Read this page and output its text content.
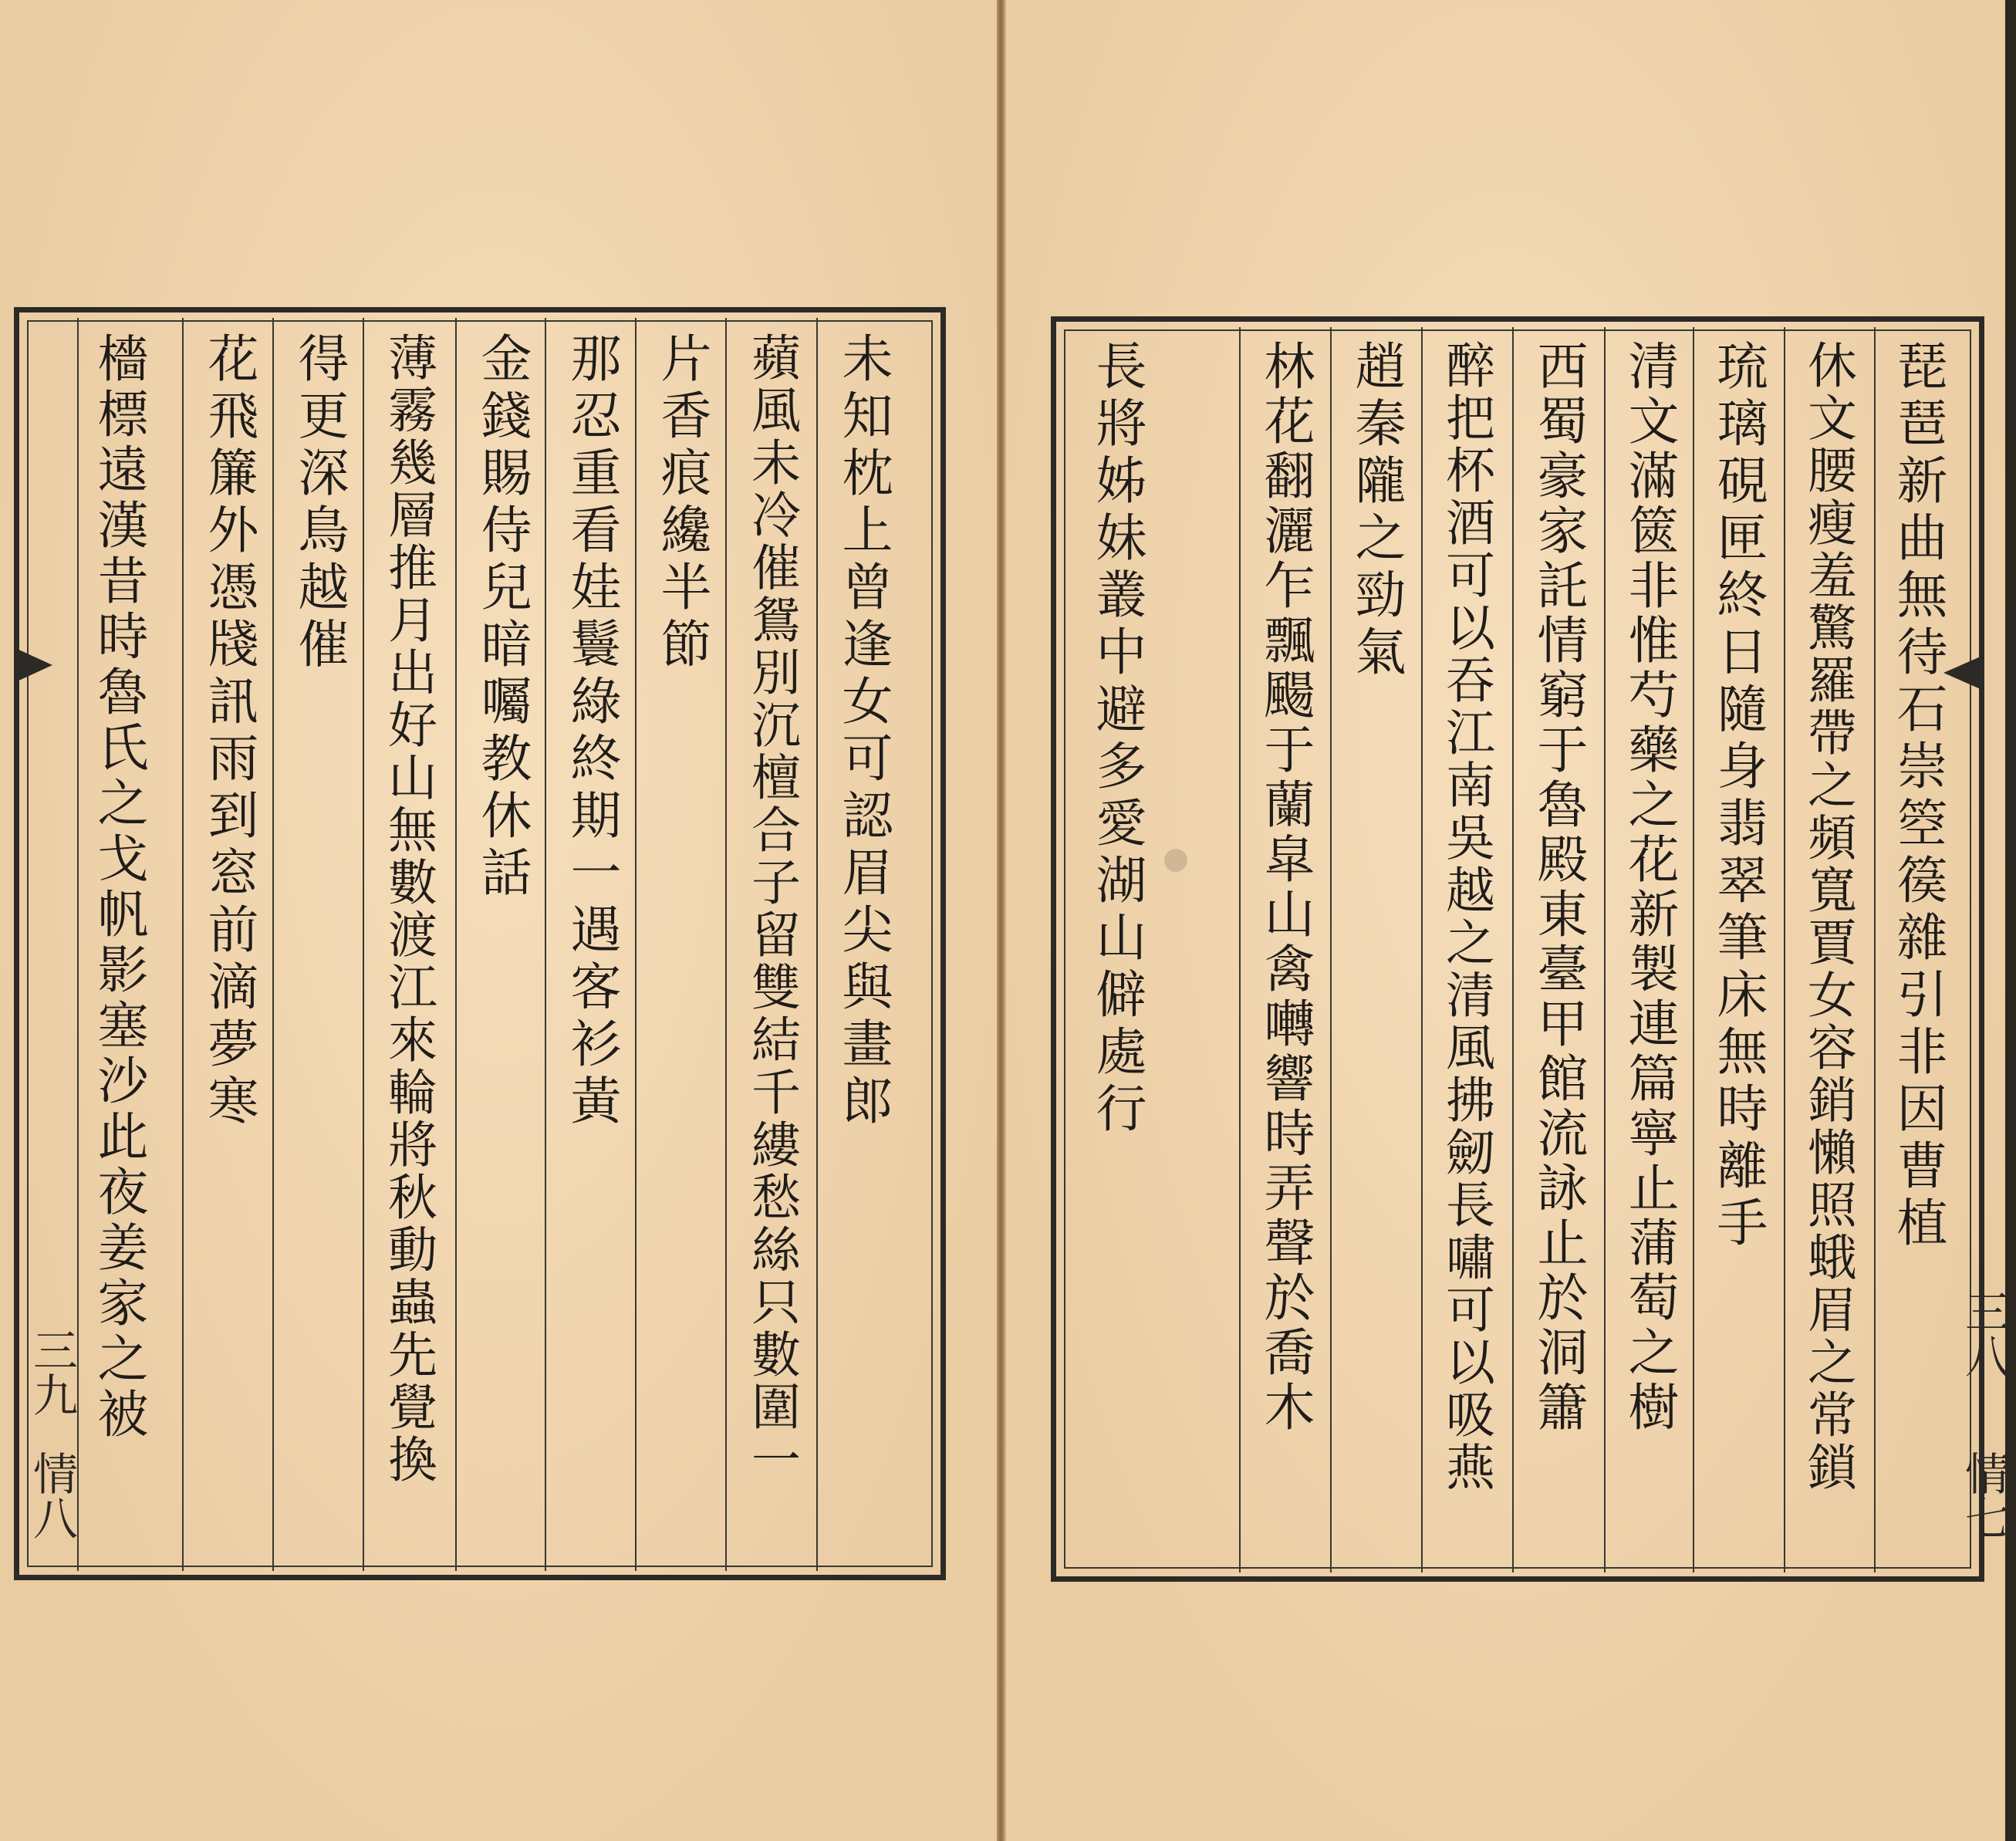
未知枕上曾逢女可認眉尖與畫郎
蘋風未冷催鴛別沉檀合子留雙結千縷愁絲只數圍一
片香痕纔半節
那忍重看娃鬟綠終期一遇客衫黃
金錢賜侍兒暗囑教休話
薄霧幾層推月出好山無數渡江來輪將秋動蟲先覺換
得更深鳥越催
花飛簾外憑牋訊雨到窓前滴夢寒
檣標遠漢昔時魯氏之戈帆影塞沙此夜姜家之被
三九
情八
琵琶新曲無待石崇箜篌雜引非因曹植
休文腰瘦羞驚羅帶之頻寬賈女容銷懶照蛾眉之常鎖
琉璃硯匣終日隨身翡翠筆床無時離手
清文滿篋非惟芍藥之花新製連篇寧止蒲萄之樹
西蜀豪家託情窮于魯殿東臺甲館流詠止於洞簫
醉把杯酒可以吞江南吳越之清風拂劒長嘯可以吸燕
趙秦隴之勁氣
林花翻灑乍飄颺于蘭皐山禽囀響時弄聲於喬木
長將姊妹叢中避多愛湖山僻處行
三八
情七
